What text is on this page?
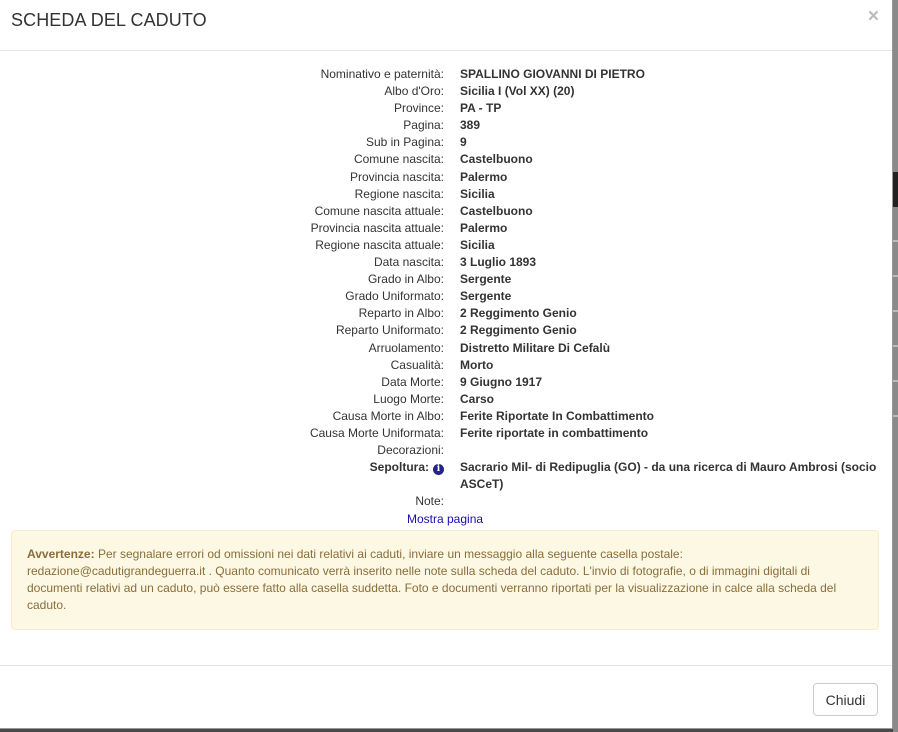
SCHEDA DEL CADUTO	×
Nominativo e paternità: SPALLINO GIOVANNI DI PIETRO
Albo d'Oro: Sicilia I (Vol XX) (20)
Province: PA - TP
Pagina: 389
Sub in Pagina: 9
Comune nascita: Castelbuono
Provincia nascita: Palermo
Regione nascita: Sicilia
Comune nascita attuale: Castelbuono
Provincia nascita attuale: Palermo
Regione nascita attuale: Sicilia
Data nascita: 3 Luglio 1893
Grado in Albo: Sergente
Grado Uniformato: Sergente
Reparto in Albo: 2 Reggimento Genio
Reparto Uniformato: 2 Reggimento Genio
Arruolamento: Distretto Militare Di Cefalù
Casualità: Morto
Data Morte: 9 Giugno 1917
Luogo Morte: Carso
Causa Morte in Albo: Ferite Riportate In Combattimento
Causa Morte Uniformata: Ferite riportate in combattimento
Decorazioni:
Sepoltura: i	Sacrario Mil- di Redipuglia (GO) - da una ricerca di Mauro Ambrosi (socio ASCeT)
Note:
Mostra pagina
Avvertenze: Per segnalare errori od omissioni nei dati relativi ai caduti, inviare un messaggio alla seguente casella postale: redazione@cadutigrandeguerra.it . Quanto comunicato verrà inserito nelle note sulla scheda del caduto. L'invio di fotografie, o di immagini digitali di documenti relativi ad un caduto, può essere fatto alla casella suddetta. Foto e documenti verranno riportati per la visualizzazione in calce alla scheda del caduto.
Chiudi
